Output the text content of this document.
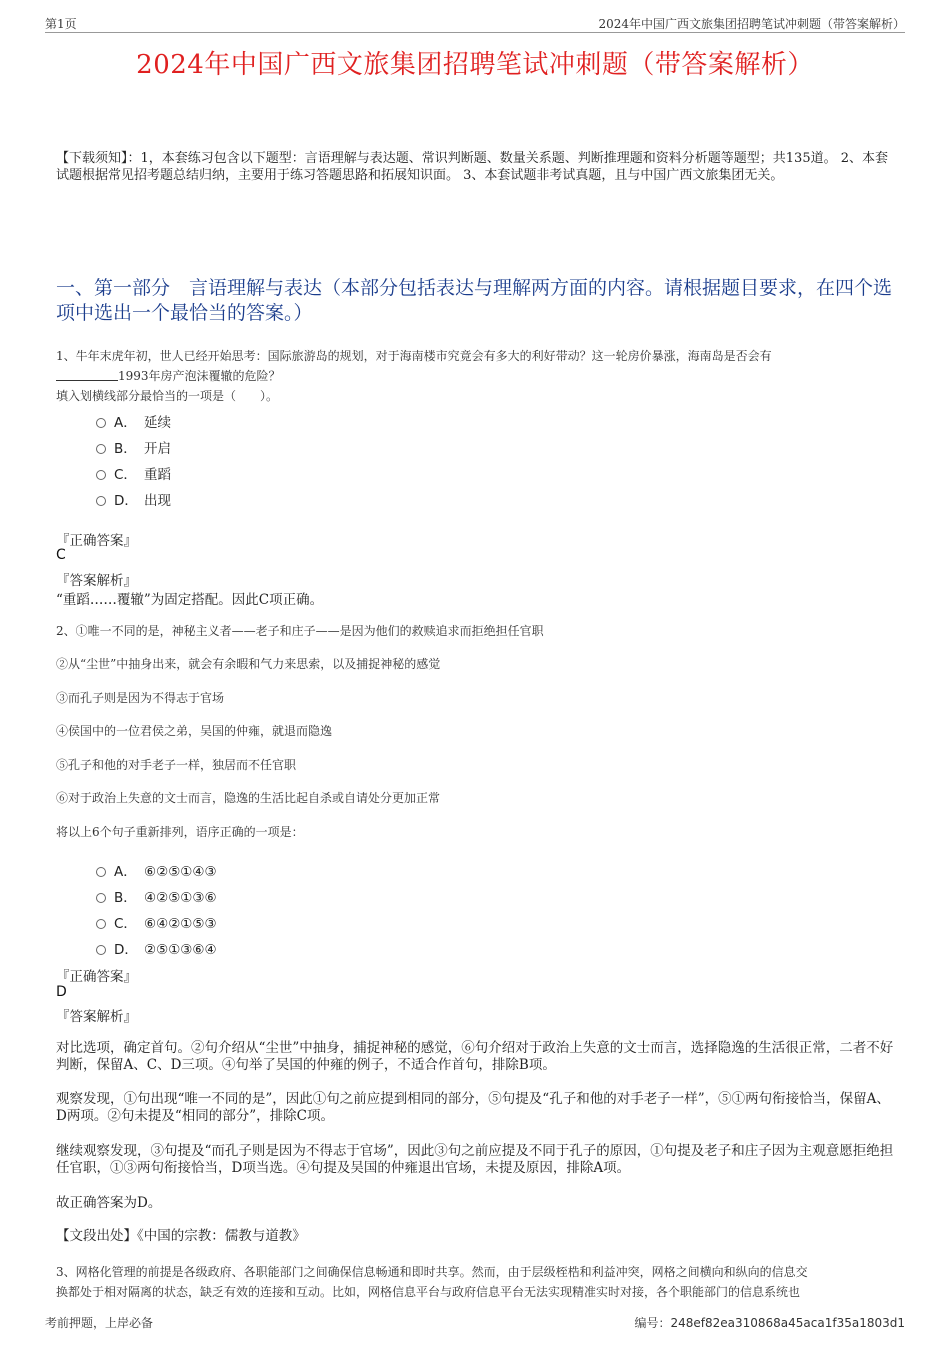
第1页	2024年中国广西文旅集团招聘笔试冲刺题（带答案解析）
2024年中国广西文旅集团招聘笔试冲刺题（带答案解析）
【下载须知】：1，本套练习包含以下题型：言语理解与表达题、常识判断题、数量关系题、判断推理题和资料分析题等题型；共135道。 2、本套试题根据常见招考题总结归纳，主要用于练习答题思路和拓展知识面。 3、本套试题非考试真题，且与中国广西文旅集团无关。
一、第一部分　言语理解与表达（本部分包括表达与理解两方面的内容。请根据题目要求，在四个选项中选出一个最恰当的答案。）
1、牛年末虎年初，世人已经开始思考：国际旅游岛的规划，对于海南楼市究竟会有多大的利好带动？这一轮房价暴涨，海南岛是否会有
1993年房产泡沫覆辙的危险？
填入划横线部分最恰当的一项是（　　）。
A． 延续
B． 开启
C． 重蹈
D． 出现
『正确答案』
C
『答案解析』
“重蹈……覆辙”为固定搭配。因此C项正确。
2、①唯一不同的是，神秘主义者——老子和庄子——是因为他们的救赎追求而拒绝担任官职
②从“尘世”中抽身出来，就会有余暇和气力来思索，以及捕捉神秘的感觉
③而孔子则是因为不得志于官场
④侯国中的一位君侯之弟，吴国的仲雍，就退而隐逸
⑤孔子和他的对手老子一样，独居而不任官职
⑥对于政治上失意的文士而言，隐逸的生活比起自杀或自请处分更加正常
将以上6个句子重新排列，语序正确的一项是：
A． ⑥②⑤①④③
B． ④②⑤①③⑥
C． ⑥④②①⑤③
D． ②⑤①③⑥④
『正确答案』
D
『答案解析』
对比选项，确定首句。②句介绍从“尘世”中抽身，捕捉神秘的感觉，⑥句介绍对于政治上失意的文士而言，选择隐逸的生活很正常，二者不好判断，保留A、C、D三项。④句举了吴国的仲雍的例子，不适合作首句，排除B项。
观察发现，①句出现“唯一不同的是”，因此①句之前应提到相同的部分，⑤句提及“孔子和他的对手老子一样”，⑤①两句衔接恰当，保留A、D两项。②句未提及“相同的部分”，排除C项。
继续观察发现，③句提及“而孔子则是因为不得志于官场”，因此③句之前应提及不同于孔子的原因，①句提及老子和庄子因为主观意愿拒绝担任官职，①③两句衔接恰当，D项当选。④句提及吴国的仲雍退出官场，未提及原因，排除A项。
故正确答案为D。
【文段出处】《中国的宗教：儒教与道教》
3、网格化管理的前提是各级政府、各职能部门之间确保信息畅通和即时共享。然而，由于层级桎梏和利益冲突，网格之间横向和纵向的信息交
换都处于相对隔离的状态，缺乏有效的连接和互动。比如，网格信息平台与政府信息平台无法实现精准实时对接，各个职能部门的信息系统也
考前押题，上岸必备	编号：248ef82ea310868a45aca1f35a1803d1
